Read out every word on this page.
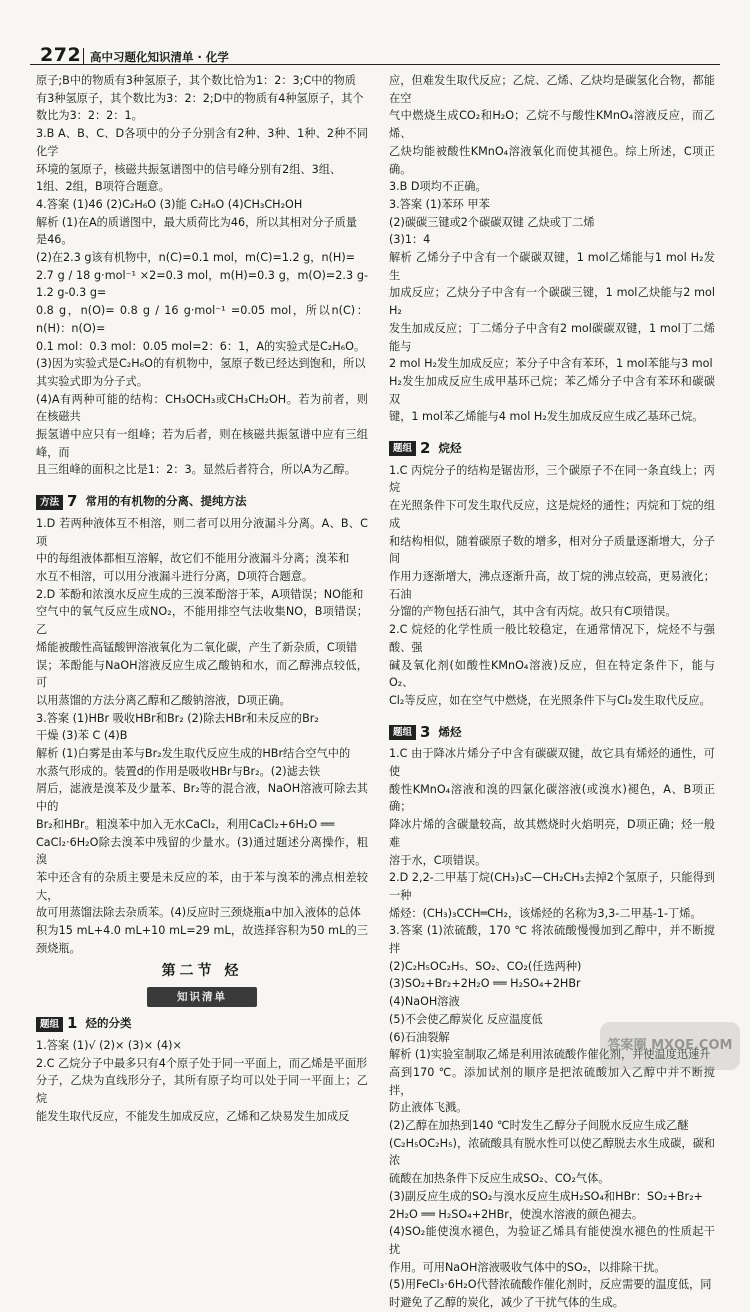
272 高中习题化知识清单 · 化学

原子;B中的物质有3种氢原子，其个数比恰为1：2：3;C中的物质

有3种氢原子，其个数比为3：2：2;D中的物质有4种氢原子，其个

数比为3：2：2：1。

3.B A、B、C、D各项中的分子分别含有2种、3种、1种、2种不同化学

环境的氢原子，核磁共振氢谱图中的信号峰分别有2组、3组、

1组、2组，B项符合题意。

4.答案 (1)46 (2)C₂H₆O (3)能 C₂H₆O (4)CH₃CH₂OH

解析 (1)在A的质谱图中，最大质荷比为46，所以其相对分子质量

是46。

(2)在2.3 g该有机物中，n(C)=0.1 mol，m(C)=1.2 g，n(H)=

2.7 g / 18 g·mol⁻¹ ×2=0.3 mol，m(H)=0.3 g，m(O)=2.3 g-1.2 g-0.3 g=

0.8 g，n(O)= 0.8 g / 16 g·mol⁻¹ =0.05 mol，所以n(C)：n(H)：n(O)=

0.1 mol：0.3 mol：0.05 mol=2：6：1，A的实验式是C₂H₆O。

(3)因为实验式是C₂H₆O的有机物中，氢原子数已经达到饱和，所以

其实验式即为分子式。

(4)A有两种可能的结构：CH₃OCH₃或CH₃CH₂OH。若为前者，则在核磁共

振氢谱中应只有一组峰；若为后者，则在核磁共振氢谱中应有三组峰，而

且三组峰的面积之比是1：2：3。显然后者符合，所以A为乙醇。

方法 7 常用的有机物的分离、提纯方法

1.D 若两种液体互不相溶，则二者可以用分液漏斗分离。A、B、C项

中的每组液体都相互溶解，故它们不能用分液漏斗分离；溴苯和

水互不相溶，可以用分液漏斗进行分离，D项符合题意。

2.D 苯酚和浓溴水反应生成的三溴苯酚溶于苯，A项错误；NO能和

空气中的氧气反应生成NO₂，不能用排空气法收集NO，B项错误；乙

烯能被酸性高锰酸钾溶液氧化为二氧化碳，产生了新杂质，C项错

误；苯酚能与NaOH溶液反应生成乙酸钠和水，而乙醇沸点较低，可

以用蒸馏的方法分离乙醇和乙酸钠溶液，D项正确。

3.答案 (1)HBr 吸收HBr和Br₂ (2)除去HBr和未反应的Br₂

干燥 (3)苯 C (4)B

解析 (1)白雾是由苯与Br₂发生取代反应生成的HBr结合空气中的

水蒸气形成的。装置d的作用是吸收HBr与Br₂。(2)滤去铁

屑后，滤液是溴苯及少量苯、Br₂等的混合液，NaOH溶液可除去其中的

Br₂和HBr。粗溴苯中加入无水CaCl₂，利用CaCl₂+6H₂O ══

CaCl₂·6H₂O除去溴苯中残留的少量水。(3)通过题述分离操作，粗溴

苯中还含有的杂质主要是未反应的苯，由于苯与溴苯的沸点相差较大，

故可用蒸馏法除去杂质苯。(4)反应时三颈烧瓶a中加入液体的总体

积为15 mL+4.0 mL+10 mL=29 mL，故选择容积为50 mL的三颈烧瓶。

第二节 烃
知识清单
题组 1 烃的分类

1.答案 (1)√ (2)× (3)× (4)×

2.C 乙烷分子中最多只有4个原子处于同一平面上，而乙烯是平面形

分子，乙炔为直线形分子，其所有原子均可以处于同一平面上；乙烷

能发生取代反应，不能发生加成反应，乙烯和乙炔易发生加成反

应，但难发生取代反应；乙烷、乙烯、乙炔均是碳氢化合物，都能在空

气中燃烧生成CO₂和H₂O；乙烷不与酸性KMnO₄溶液反应，而乙烯、

乙炔均能被酸性KMnO₄溶液氧化而使其褪色。综上所述，C项正确。

3.B D项均不正确。

3.答案 (1)苯环 甲苯

(2)碳碳三键或2个碳碳双键 乙炔或丁二烯

(3)1：4

解析 乙烯分子中含有一个碳碳双键，1 mol乙烯能与1 mol H₂发生

加成反应；乙炔分子中含有一个碳碳三键，1 mol乙炔能与2 mol H₂

发生加成反应；丁二烯分子中含有2 mol碳碳双键，1 mol丁二烯能与

2 mol H₂发生加成反应；苯分子中含有苯环，1 mol苯能与3 mol

H₂发生加成反应生成甲基环己烷；苯乙烯分子中含有苯环和碳碳双

键，1 mol苯乙烯能与4 mol H₂发生加成反应生成乙基环己烷。

题组 2 烷烃

1.C 丙烷分子的结构是锯齿形，三个碳原子不在同一条直线上；丙烷

在光照条件下可发生取代反应，这是烷烃的通性；丙烷和丁烷的组成

和结构相似，随着碳原子数的增多，相对分子质量逐渐增大，分子间

作用力逐渐增大，沸点逐渐升高，故丁烷的沸点较高，更易液化；石油

分馏的产物包括石油气，其中含有丙烷。故只有C项错误。

2.C 烷烃的化学性质一般比较稳定，在通常情况下，烷烃不与强酸、强

碱及氧化剂(如酸性KMnO₄溶液)反应，但在特定条件下，能与O₂、

Cl₂等反应，如在空气中燃烧，在光照条件下与Cl₂发生取代反应。

题组 3 烯烃

1.C 由于降冰片烯分子中含有碳碳双键，故它具有烯烃的通性，可使

酸性KMnO₄溶液和溴的四氯化碳溶液(或溴水)褪色，A、B项正确；

降冰片烯的含碳量较高，故其燃烧时火焰明亮，D项正确；烃一般难

溶于水，C项错误。

2.D 2,2-二甲基丁烷(CH₃)₃C—CH₂CH₃去掉2个氢原子，只能得到一种

烯烃：(CH₃)₃CCH═CH₂，该烯烃的名称为3,3-二甲基-1-丁烯。

3.答案 (1)浓硫酸，170 ℃ 将浓硫酸慢慢加到乙醇中，并不断搅拌

(2)C₂H₅OC₂H₅、SO₂、CO₂(任选两种)

(3)SO₂+Br₂+2H₂O ══ H₂SO₄+2HBr

(4)NaOH溶液

(5)不会使乙醇炭化 反应温度低

(6)石油裂解

解析 (1)实验室制取乙烯是利用浓硫酸作催化剂，并使温度迅速升

高到170 ℃。添加试剂的顺序是把浓硫酸加入乙醇中并不断搅拌，

防止液体飞溅。

(2)乙醇在加热到140 ℃时发生乙醇分子间脱水反应生成乙醚

(C₂H₅OC₂H₅)，浓硫酸具有脱水性可以使乙醇脱去水生成碳，碳和浓

硫酸在加热条件下反应生成SO₂、CO₂气体。

(3)副反应生成的SO₂与溴水反应生成H₂SO₄和HBr：SO₂+Br₂+

2H₂O ══ H₂SO₄+2HBr，使溴水溶液的颜色褪去。

(4)SO₂能使溴水褪色，为验证乙烯具有能使溴水褪色的性质起干扰

作用。可用NaOH溶液吸收气体中的SO₂，以排除干扰。

(5)用FeCl₃·6H₂O代替浓硫酸作催化剂时，反应需要的温度低，同

时避免了乙醇的炭化，减少了干扰气体的生成。

答案圈 MXQE.COM
